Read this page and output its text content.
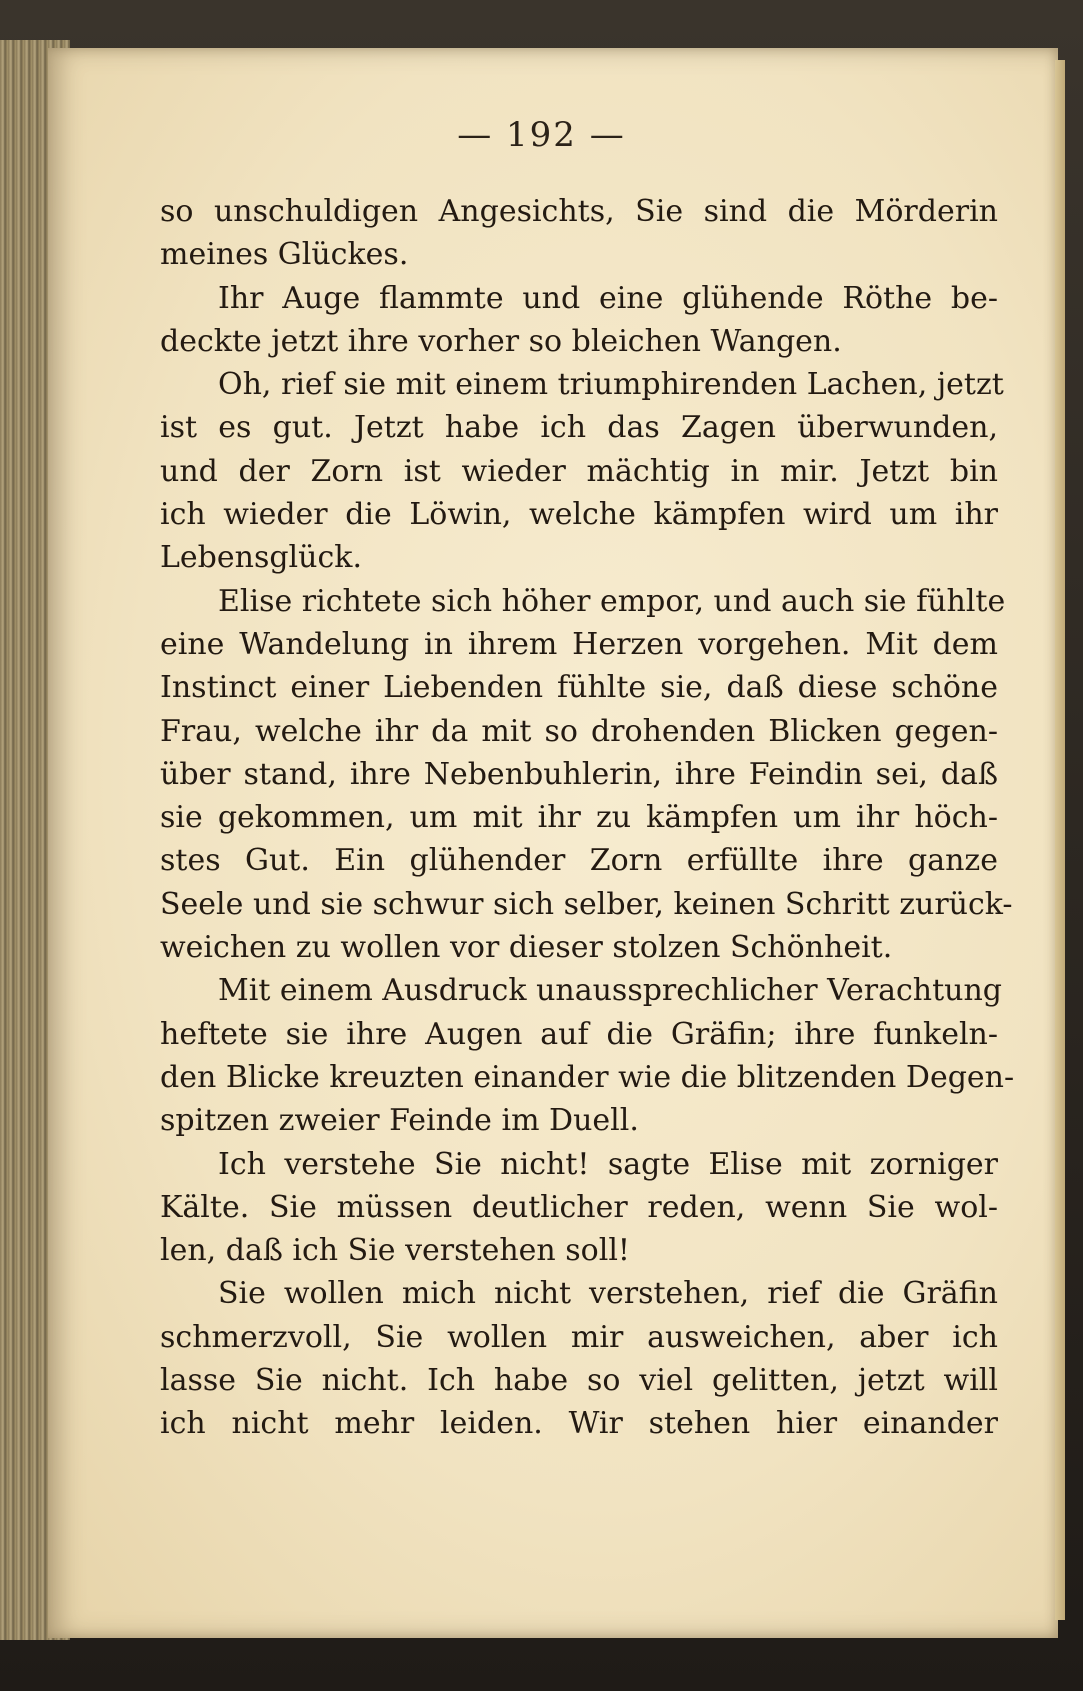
— 192 —
so unschuldigen Angesichts, Sie sind die Mörderin
meines Glückes.
Ihr Auge flammte und eine glühende Röthe be-
deckte jetzt ihre vorher so bleichen Wangen.
Oh, rief sie mit einem triumphirenden Lachen, jetzt
ist es gut. Jetzt habe ich das Zagen überwunden,
und der Zorn ist wieder mächtig in mir. Jetzt bin
ich wieder die Löwin, welche kämpfen wird um ihr
Lebensglück.
Elise richtete sich höher empor, und auch sie fühlte
eine Wandelung in ihrem Herzen vorgehen. Mit dem
Instinct einer Liebenden fühlte sie, daß diese schöne
Frau, welche ihr da mit so drohenden Blicken gegen-
über stand, ihre Nebenbuhlerin, ihre Feindin sei, daß
sie gekommen, um mit ihr zu kämpfen um ihr höch-
stes Gut. Ein glühender Zorn erfüllte ihre ganze
Seele und sie schwur sich selber, keinen Schritt zurück-
weichen zu wollen vor dieser stolzen Schönheit.
Mit einem Ausdruck unaussprechlicher Verachtung
heftete sie ihre Augen auf die Gräfin; ihre funkeln-
den Blicke kreuzten einander wie die blitzenden Degen-
spitzen zweier Feinde im Duell.
Ich verstehe Sie nicht! sagte Elise mit zorniger
Kälte. Sie müssen deutlicher reden, wenn Sie wol-
len, daß ich Sie verstehen soll!
Sie wollen mich nicht verstehen, rief die Gräfin
schmerzvoll, Sie wollen mir ausweichen, aber ich
lasse Sie nicht. Ich habe so viel gelitten, jetzt will
ich nicht mehr leiden. Wir stehen hier einander
